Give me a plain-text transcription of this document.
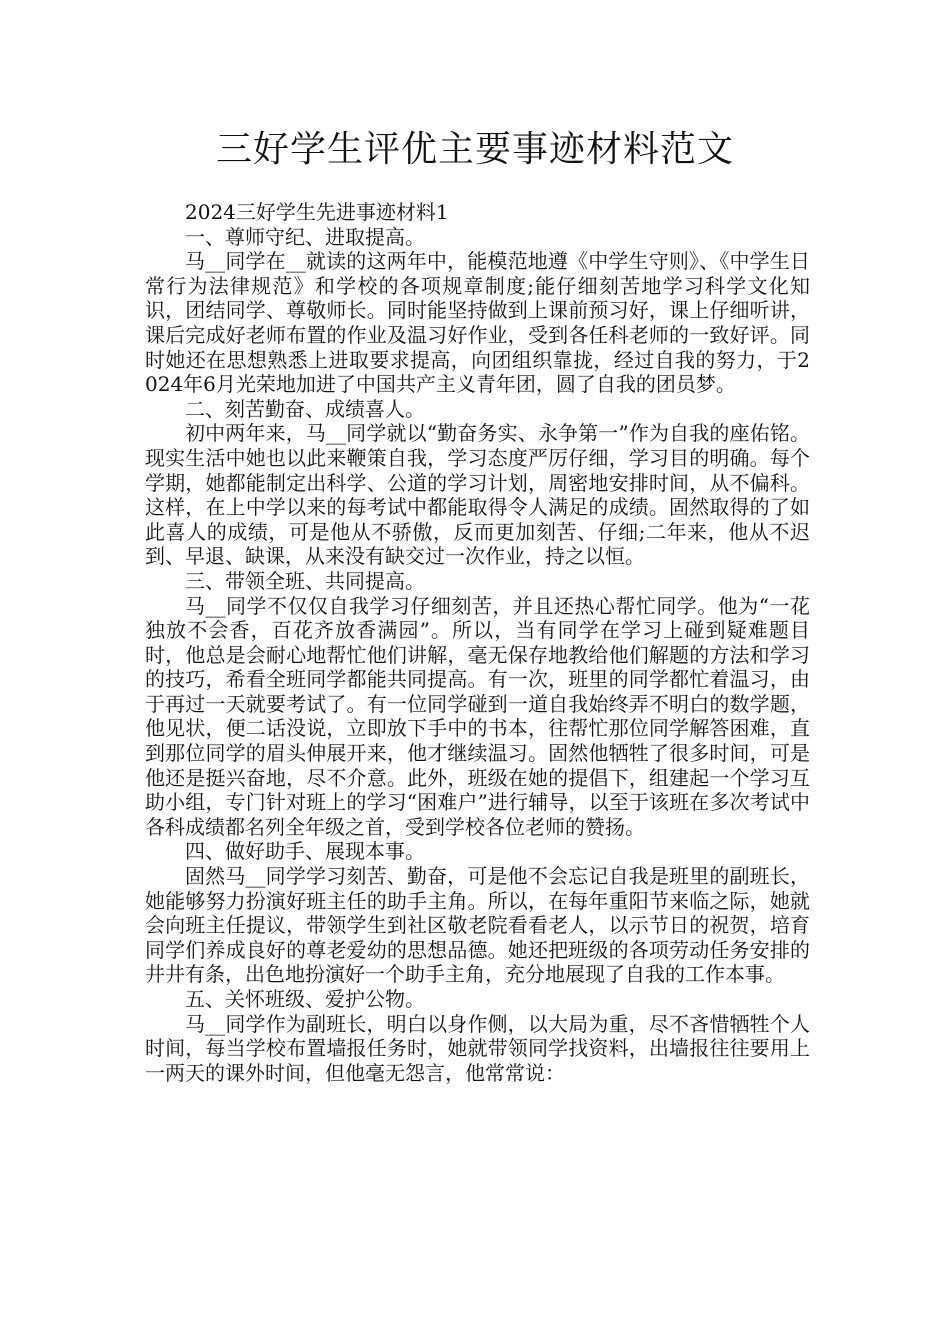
三好学生评优主要事迹材料范文

2024三好学生先进事迹材料1

一、尊师守纪、进取提高。

马__同学在__就读的这两年中，能模范地遵《中学生守则》、《中学生日常行为法律规范》和学校的各项规章制度;能仔细刻苦地学习科学文化知识，团结同学、尊敬师长。同时能坚持做到上课前预习好，课上仔细听讲，课后完成好老师布置的作业及温习好作业，受到各任科老师的一致好评。同时她还在思想熟悉上进取要求提高，向团组织靠拢，经过自我的努力，于2024年6月光荣地加进了中国共产主义青年团，圆了自我的团员梦。

二、刻苦勤奋、成绩喜人。

初中两年来，马__同学就以“勤奋务实、永争第一”作为自我的座佑铭。现实生活中她也以此来鞭策自我，学习态度严厉仔细，学习目的明确。每个学期，她都能制定出科学、公道的学习计划，周密地安排时间，从不偏科。这样，在上中学以来的每考试中都能取得令人满足的成绩。固然取得的了如此喜人的成绩，可是他从不骄傲，反而更加刻苦、仔细;二年来，他从不迟到、早退、缺课，从来没有缺交过一次作业，持之以恒。

三、带领全班、共同提高。

马__同学不仅仅自我学习仔细刻苦，并且还热心帮忙同学。他为“一花独放不会香，百花齐放香满园”。所以，当有同学在学习上碰到疑难题目时，他总是会耐心地帮忙他们讲解，毫无保存地教给他们解题的方法和学习的技巧，希看全班同学都能共同提高。有一次，班里的同学都忙着温习，由于再过一天就要考试了。有一位同学碰到一道自我始终弄不明白的数学题，他见状，便二话没说，立即放下手中的书本，往帮忙那位同学解答困难，直到那位同学的眉头伸展开来，他才继续温习。固然他牺牲了很多时间，可是他还是挺兴奋地，尽不介意。此外，班级在她的提倡下，组建起一个学习互助小组，专门针对班上的学习“困难户”进行辅导，以至于该班在多次考试中各科成绩都名列全年级之首，受到学校各位老师的赞扬。

四、做好助手、展现本事。

固然马__同学学习刻苦、勤奋，可是他不会忘记自我是班里的副班长，她能够努力扮演好班主任的助手主角。所以，在每年重阳节来临之际，她就会向班主任提议，带领学生到社区敬老院看看老人，以示节日的祝贺，培育同学们养成良好的尊老爱幼的思想品德。她还把班级的各项劳动任务安排的井井有条，出色地扮演好一个助手主角，充分地展现了自我的工作本事。

五、关怀班级、爱护公物。

马__同学作为副班长，明白以身作侧，以大局为重，尽不吝惜牺牲个人时间，每当学校布置墙报任务时，她就带领同学找资料，出墙报往往要用上一两天的课外时间，但他毫无怨言，他常常说：
